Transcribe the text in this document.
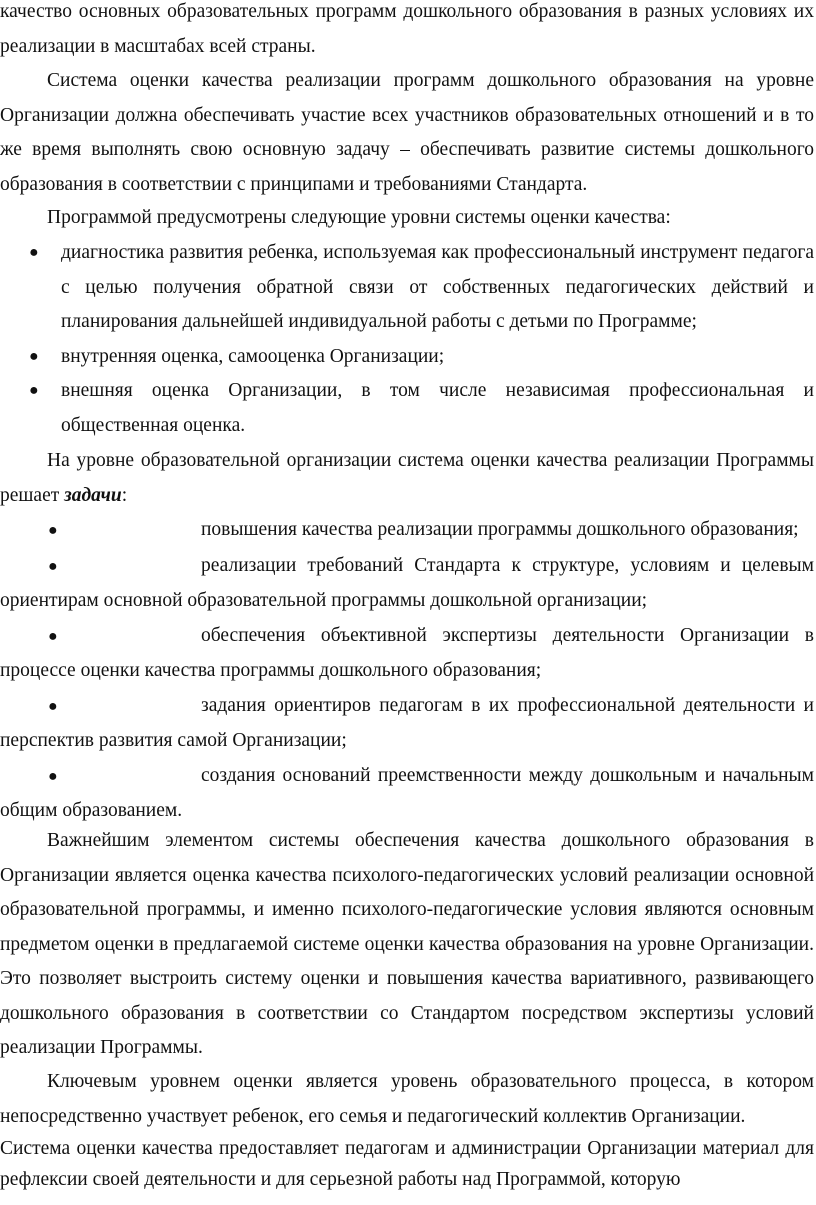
качество основных образовательных программ дошкольного образования в разных условиях их реализации в масштабах всей страны.

Система оценки качества реализации программ дошкольного образования на уровне Организации должна обеспечивать участие всех участников образовательных отношений и в то же время выполнять свою основную задачу – обеспечивать развитие системы дошкольного образования в соответствии с принципами и требованиями Стандарта.

Программой предусмотрены следующие уровни системы оценки качества:

● диагностика развития ребенка, используемая как профессиональный инструмент педагога с целью получения обратной связи от собственных педагогических действий и планирования дальнейшей индивидуальной работы с детьми по Программе;
● внутренняя оценка, самооценка Организации;
● внешняя оценка Организации, в том числе независимая профессиональная и общественная оценка.

На уровне образовательной организации система оценки качества реализации Программы решает задачи:

●	повышения качества реализации программы дошкольного образования;

●	реализации требований Стандарта к структуре, условиям и целевым ориентирам основной образовательной программы дошкольной организации;

●	обеспечения объективной экспертизы деятельности Организации в процессе оценки качества программы дошкольного образования;

●	задания ориентиров педагогам в их профессиональной деятельности и перспектив развития самой Организации;

●	создания оснований преемственности между дошкольным и начальным общим образованием.

Важнейшим элементом системы обеспечения качества дошкольного образования в Организации является оценка качества психолого-педагогических условий реализации основной образовательной программы, и именно психолого-педагогические условия являются основным предметом оценки в предлагаемой системе оценки качества образования на уровне Организации. Это позволяет выстроить систему оценки и повышения качества вариативного, развивающего дошкольного образования в соответствии со Стандартом посредством экспертизы условий реализации Программы.

Ключевым уровнем оценки является уровень образовательного процесса, в котором непосредственно участвует ребенок, его семья и педагогический коллектив Организации.

Система оценки качества предоставляет педагогам и администрации Организации материал для рефлексии своей деятельности и для серьезной работы над Программой, которую
